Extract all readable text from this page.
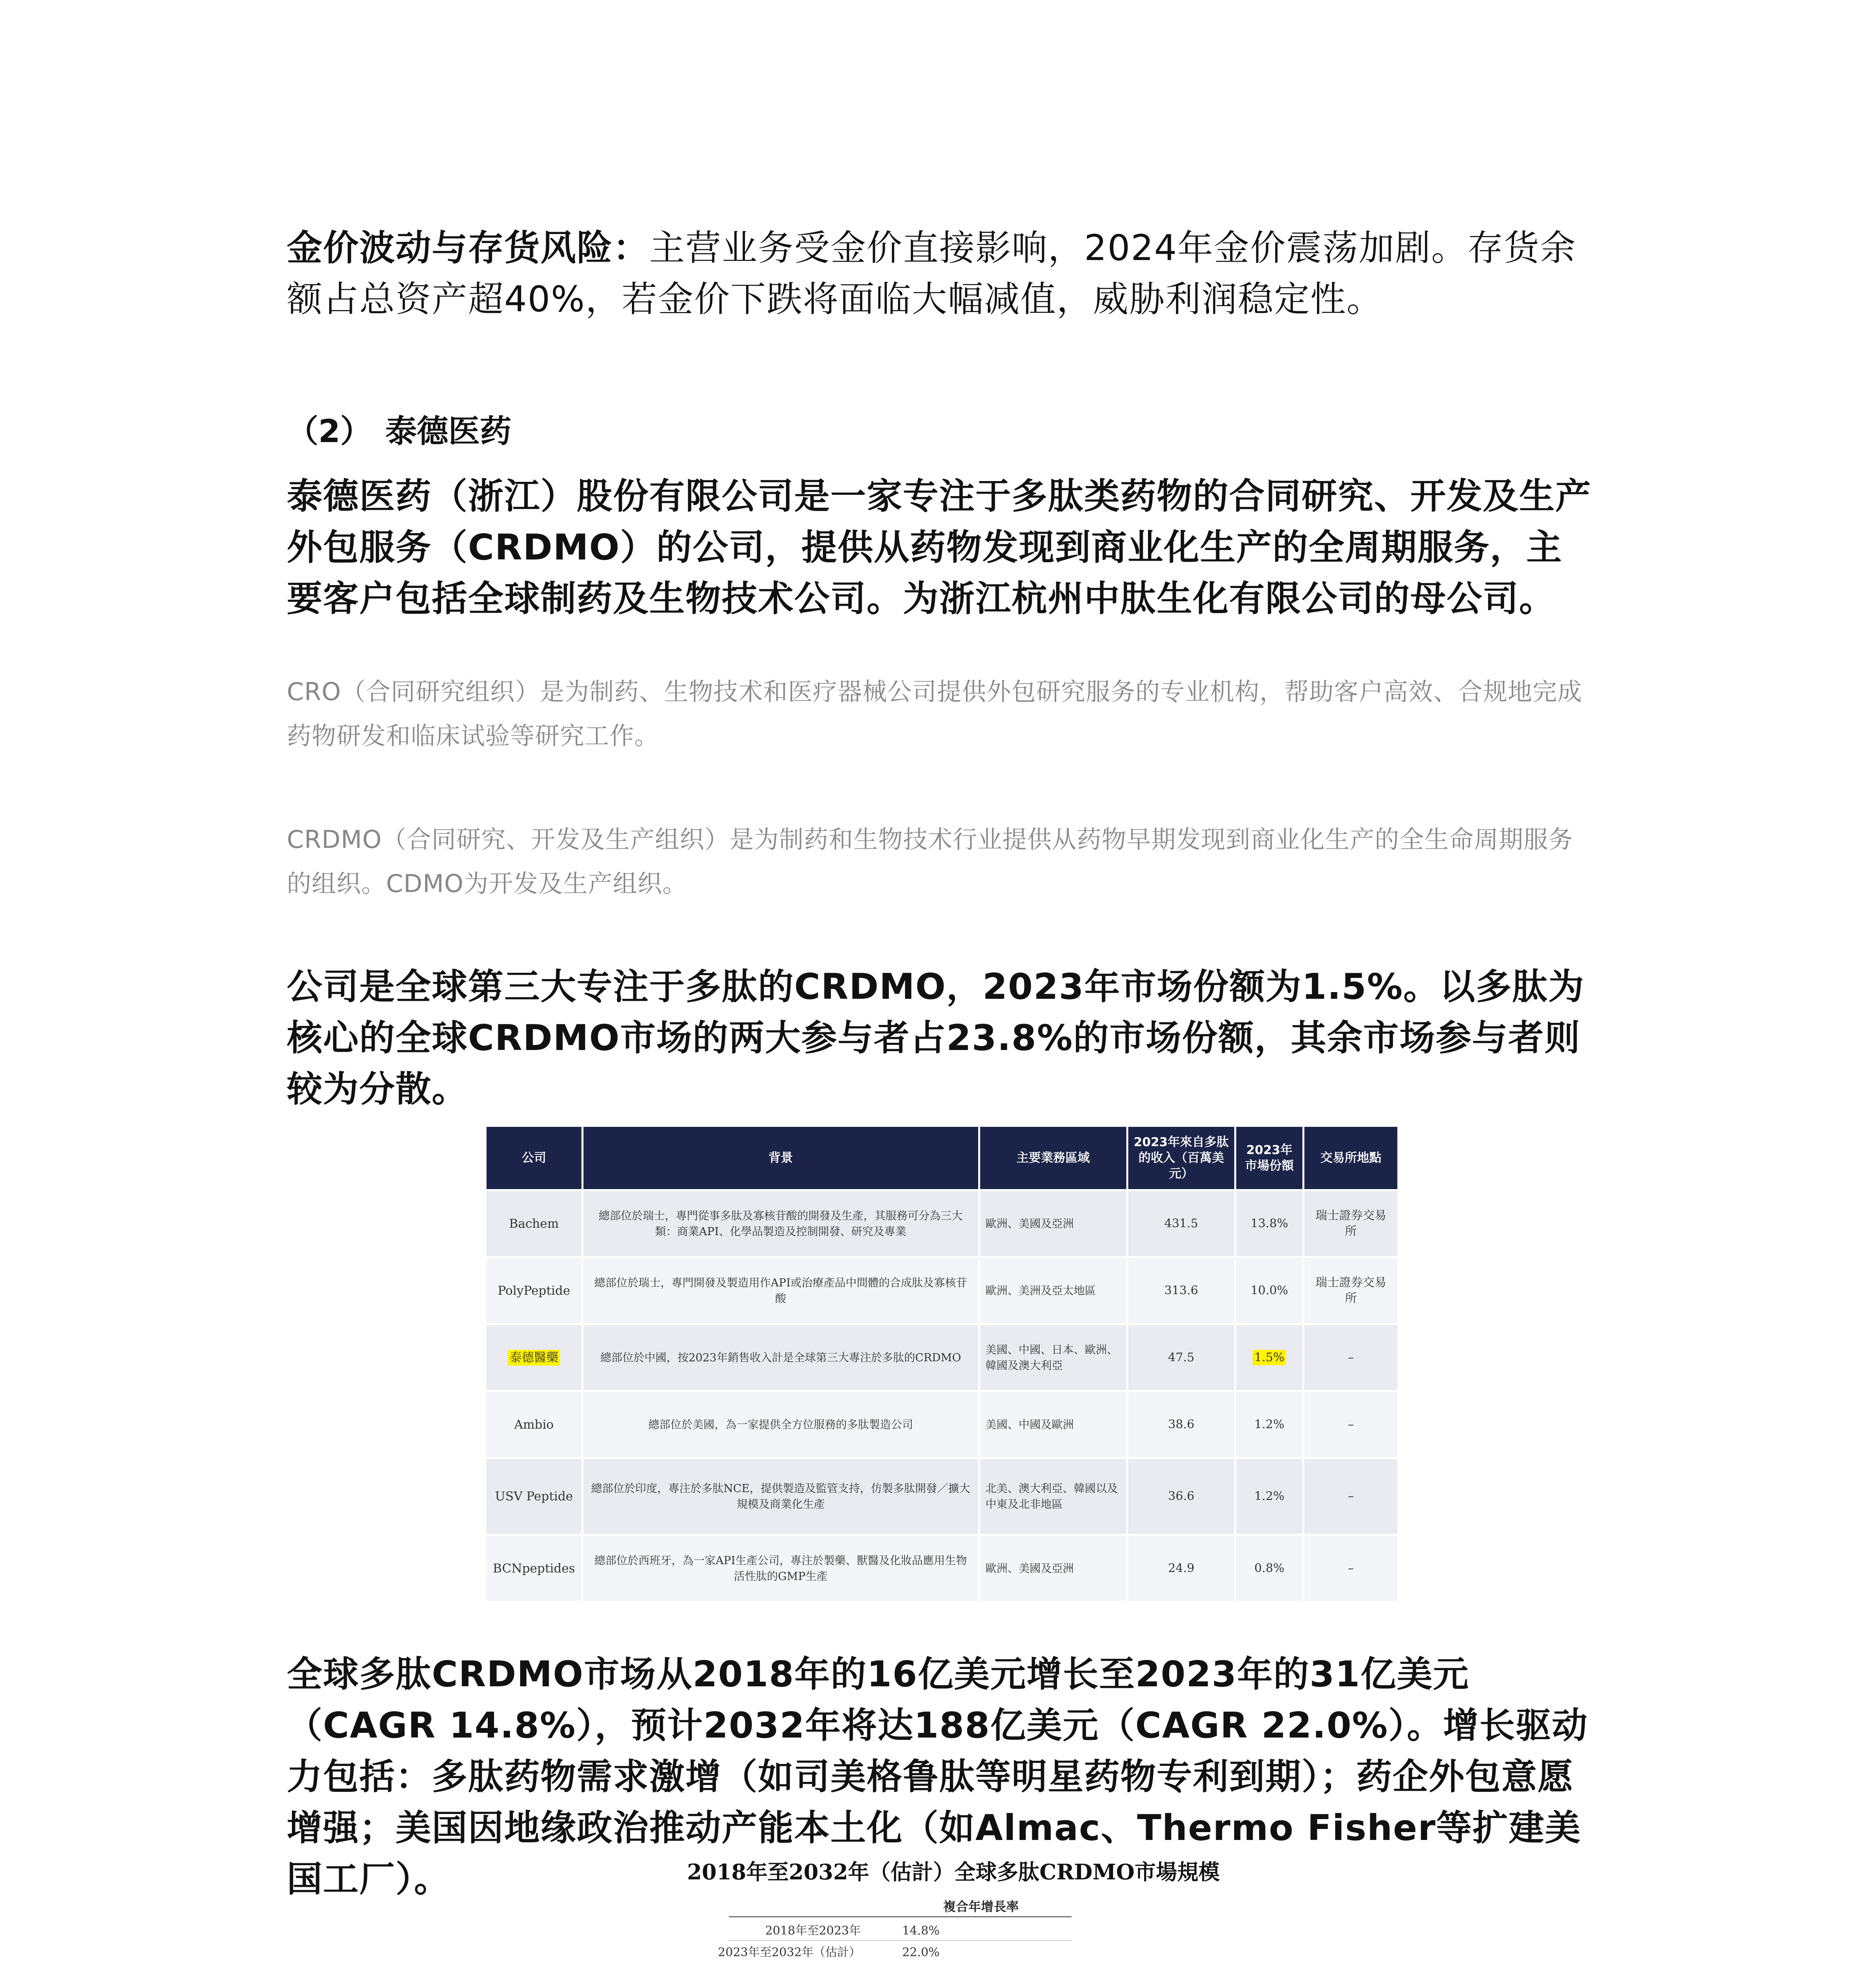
金价波动与存货风险：主营业务受金价直接影响，2024年金价震荡加剧。存货余额占总资产超40%，若金价下跌将面临大幅减值，威胁利润稳定性。

（2） 泰德医药

泰德医药（浙江）股份有限公司是一家专注于多肽类药物的合同研究、开发及生产外包服务（CRDMO）的公司，提供从药物发现到商业化生产的全周期服务，主要客户包括全球制药及生物技术公司。为浙江杭州中肽生化有限公司的母公司。

CRO（合同研究组织）是为制药、生物技术和医疗器械公司提供外包研究服务的专业机构，帮助客户高效、合规地完成药物研发和临床试验等研究工作。

CRDMO（合同研究、开发及生产组织）是为制药和生物技术行业提供从药物早期发现到商业化生产的全生命周期服务的组织。CDMO为开发及生产组织。

公司是全球第三大专注于多肽的CRDMO，2023年市场份额为1.5%。以多肽为核心的全球CRDMO市场的两大参与者占23.8%的市场份额，其余市场参与者则较为分散。

公司	背景	主要業務區域	2023年來自多肽的收入（百萬美元）	2023年市場份額	交易所地點
Bachem	總部位於瑞士，專門從事多肽及寡核苷酸的開發及生產，其服務可分為三大類：商業API、化學品製造及控制開發、研究及專業	歐洲、美國及亞洲	431.5	13.8%	瑞士證券交易所
PolyPeptide	總部位於瑞士，專門開發及製造用作API或治療產品中間體的合成肽及寡核苷酸	歐洲、美洲及亞太地區	313.6	10.0%	瑞士證券交易所
泰德醫藥	總部位於中國，按2023年銷售收入計是全球第三大專注於多肽的CRDMO	美國、中國、日本、歐洲、韓國及澳大利亞	47.5	1.5%	–
Ambio	總部位於美國，為一家提供全方位服務的多肽製造公司	美國、中國及歐洲	38.6	1.2%	–
USV Peptide	總部位於印度，專注於多肽NCE，提供製造及監管支持，仿製多肽開發／擴大規模及商業化生產	北美、澳大利亞、韓國以及中東及北非地區	36.6	1.2%	–
BCNpeptides	總部位於西班牙，為一家API生產公司，專注於製藥、獸醫及化妝品應用生物活性肽的GMP生產	歐洲、美國及亞洲	24.9	0.8%	–

全球多肽CRDMO市场从2018年的16亿美元增长至2023年的31亿美元（CAGR 14.8%），预计2032年将达188亿美元（CAGR 22.0%）。增长驱动力包括：多肽药物需求激增（如司美格鲁肽等明星药物专利到期）；药企外包意愿增强；美国因地缘政治推动产能本土化（如Almac、Thermo Fisher等扩建美国工厂）。	2018年至2032年（估計）全球多肽CRDMO市場規模
複合年增長率
2018年至2023年	14.8%
2023年至2032年（估計）	22.0%
